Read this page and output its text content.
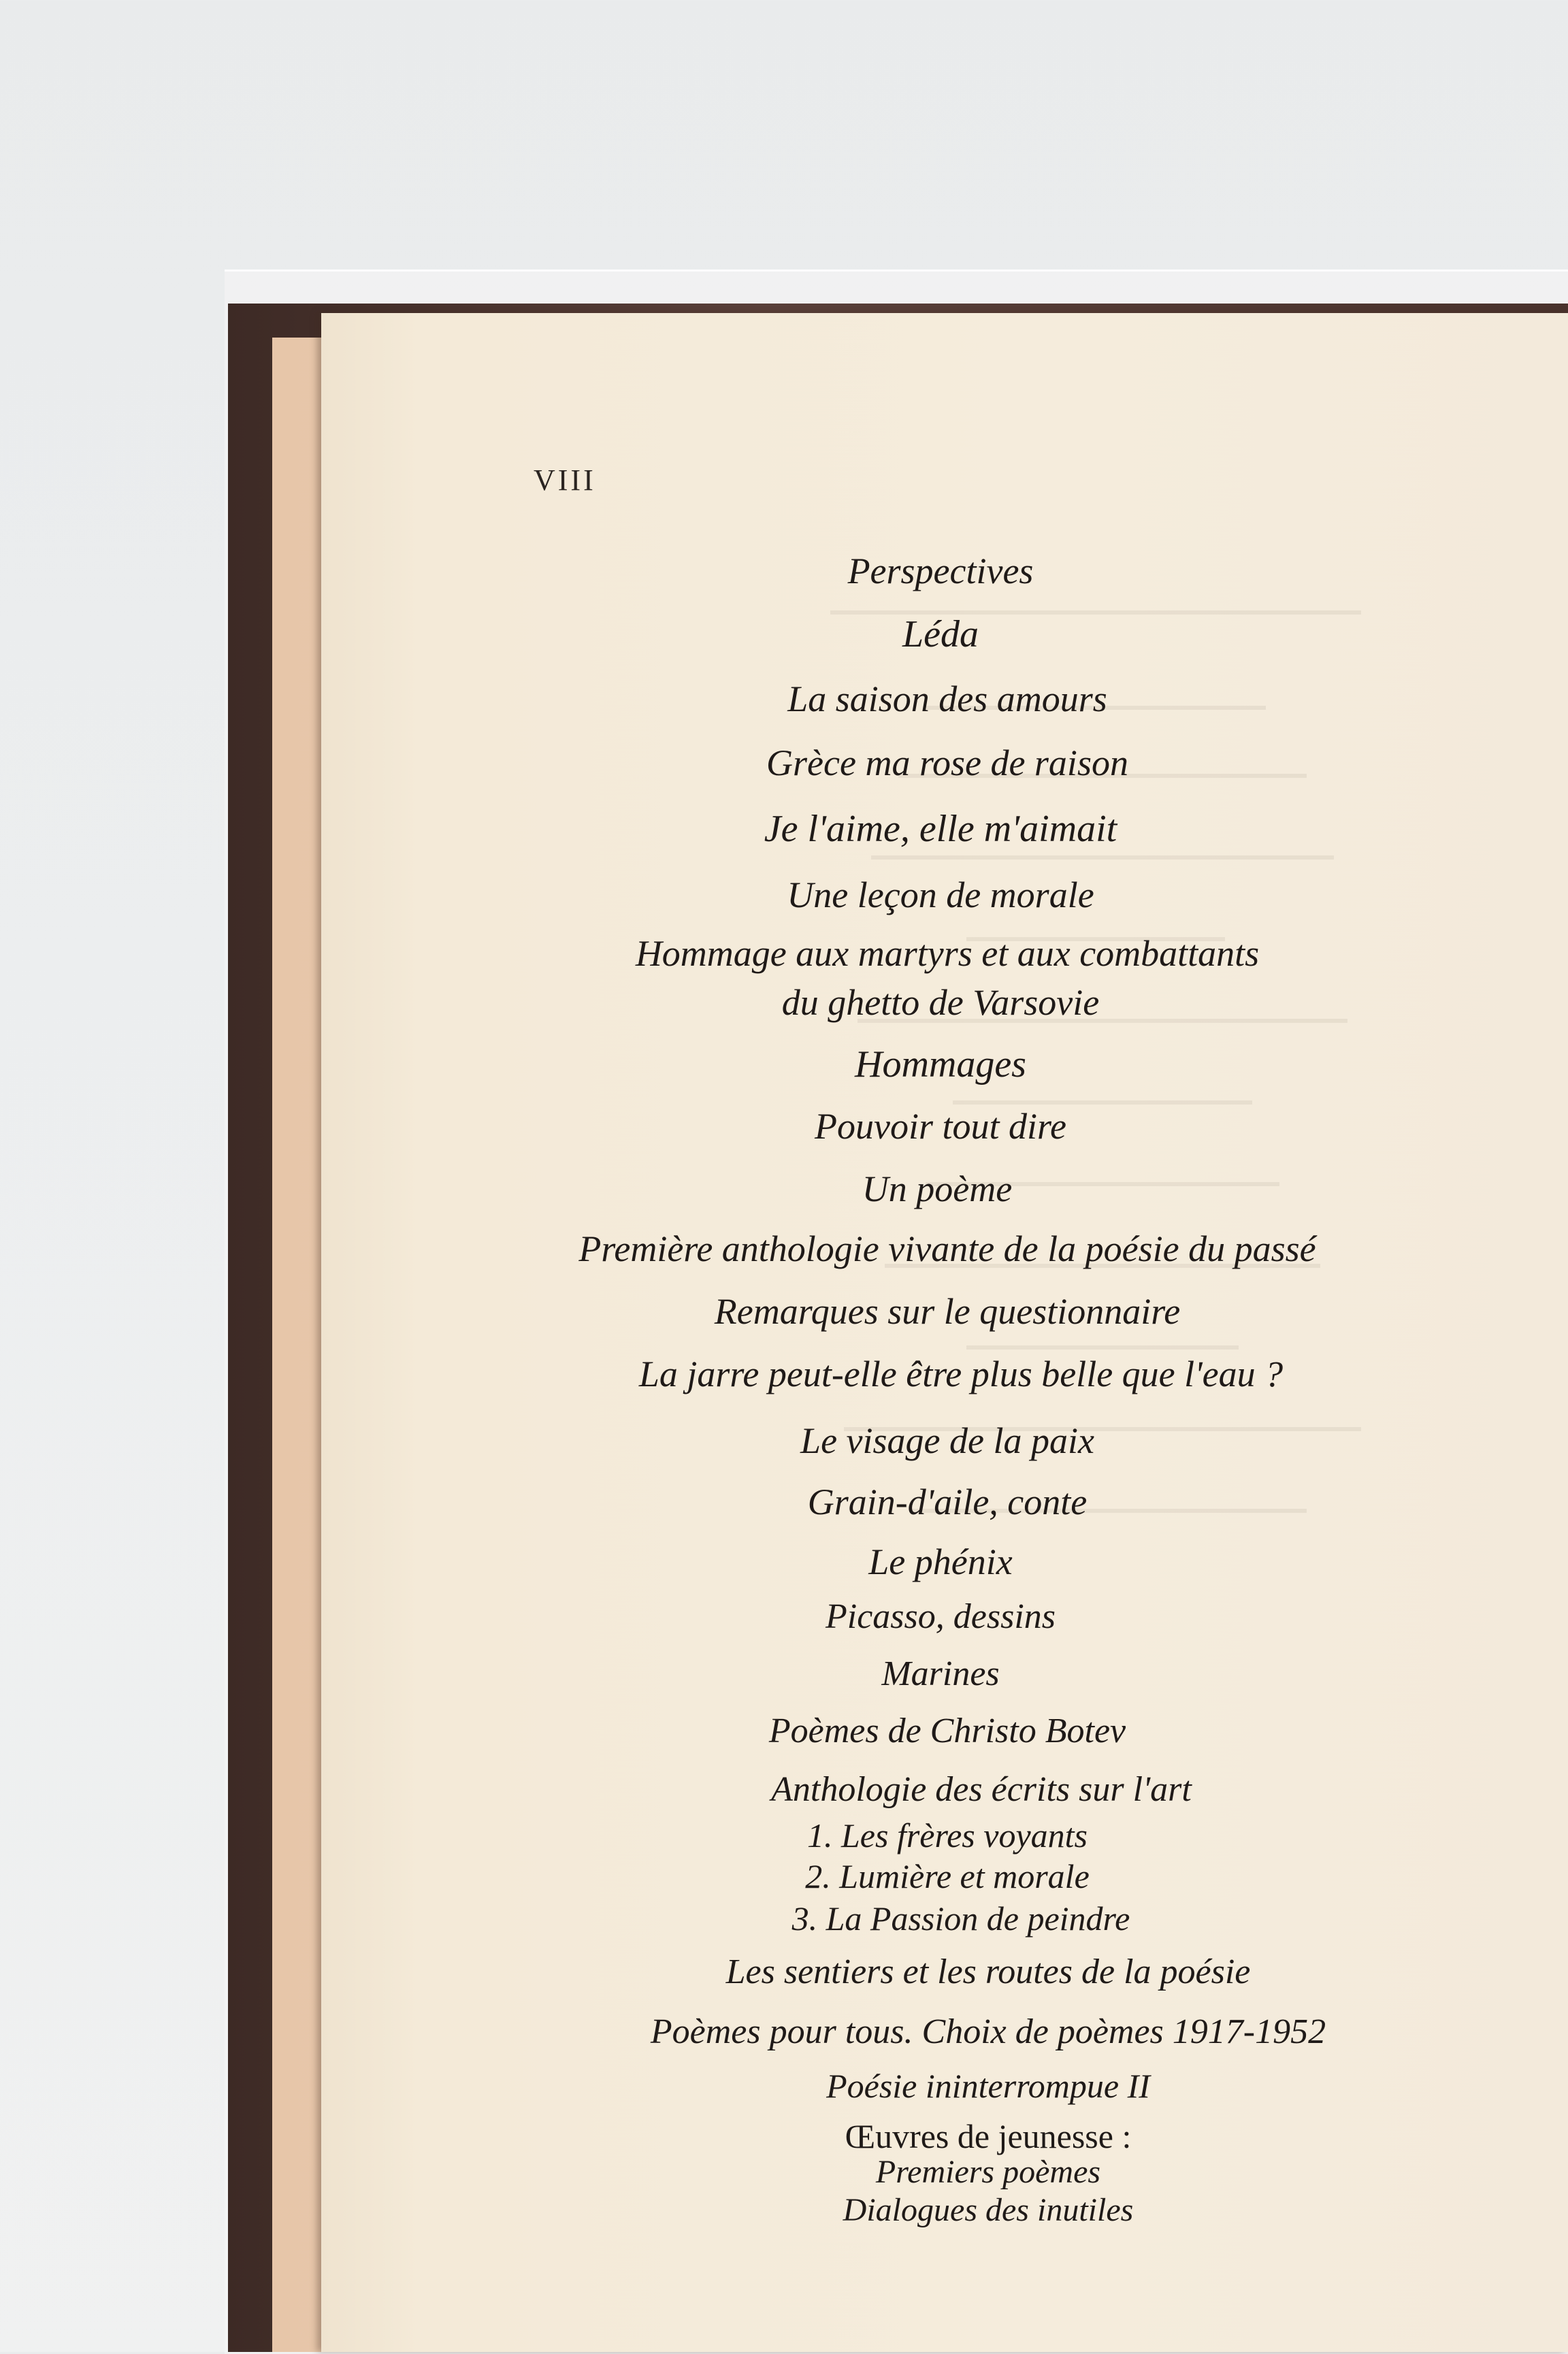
VIII
Perspectives
Léda
La saison des amours
Grèce ma rose de raison
Je l'aime, elle m'aimait
Une leçon de morale
Hommage aux martyrs et aux combattants
du ghetto de Varsovie
Hommages
Pouvoir tout dire
Un poème
Première anthologie vivante de la poésie du passé
Remarques sur le questionnaire
La jarre peut-elle être plus belle que l'eau ?
Le visage de la paix
Grain-d'aile, conte
Le phénix
Picasso, dessins
Marines
Poèmes de Christo Botev
Anthologie des écrits sur l'art
1. Les frères voyants
2. Lumière et morale
3. La Passion de peindre
Les sentiers et les routes de la poésie
Poèmes pour tous. Choix de poèmes 1917-1952
Poésie ininterrompue II
Œuvres de jeunesse :
Premiers poèmes
Dialogues des inutiles
